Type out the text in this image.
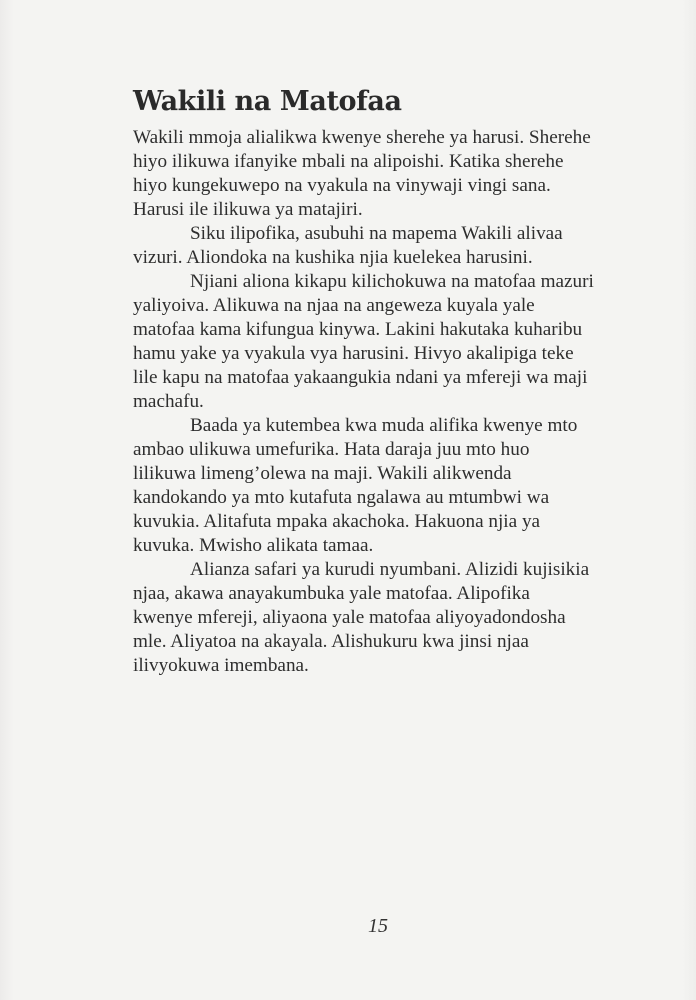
Wakili na Matofaa

Wakili mmoja alialikwa kwenye sherehe ya harusi. Sherehe

hiyo ilikuwa ifanyike mbali na alipoishi. Katika sherehe

hiyo kungekuwepo na vyakula na vinywaji vingi sana.

Harusi ile ilikuwa ya matajiri.

Siku ilipofika, asubuhi na mapema Wakili alivaa

vizuri. Aliondoka na kushika njia kuelekea harusini.

Njiani aliona kikapu kilichokuwa na matofaa mazuri

yaliyoiva. Alikuwa na njaa na angeweza kuyala yale

matofaa kama kifungua kinywa. Lakini hakutaka kuharibu

hamu yake ya vyakula vya harusini. Hivyo akalipiga teke

lile kapu na matofaa yakaangukia ndani ya mfereji wa maji

machafu.

Baada ya kutembea kwa muda alifika kwenye mto

ambao ulikuwa umefurika. Hata daraja juu mto huo

lilikuwa limeng’olewa na maji. Wakili alikwenda

kandokando ya mto kutafuta ngalawa au mtumbwi wa

kuvukia. Alitafuta mpaka akachoka. Hakuona njia ya

kuvuka. Mwisho alikata tamaa.

Alianza safari ya kurudi nyumbani. Alizidi kujisikia

njaa, akawa anayakumbuka yale matofaa. Alipofika

kwenye mfereji, aliyaona yale matofaa aliyoyadondosha

mle. Aliyatoa na akayala. Alishukuru kwa jinsi njaa

ilivyokuwa imembana.

15
